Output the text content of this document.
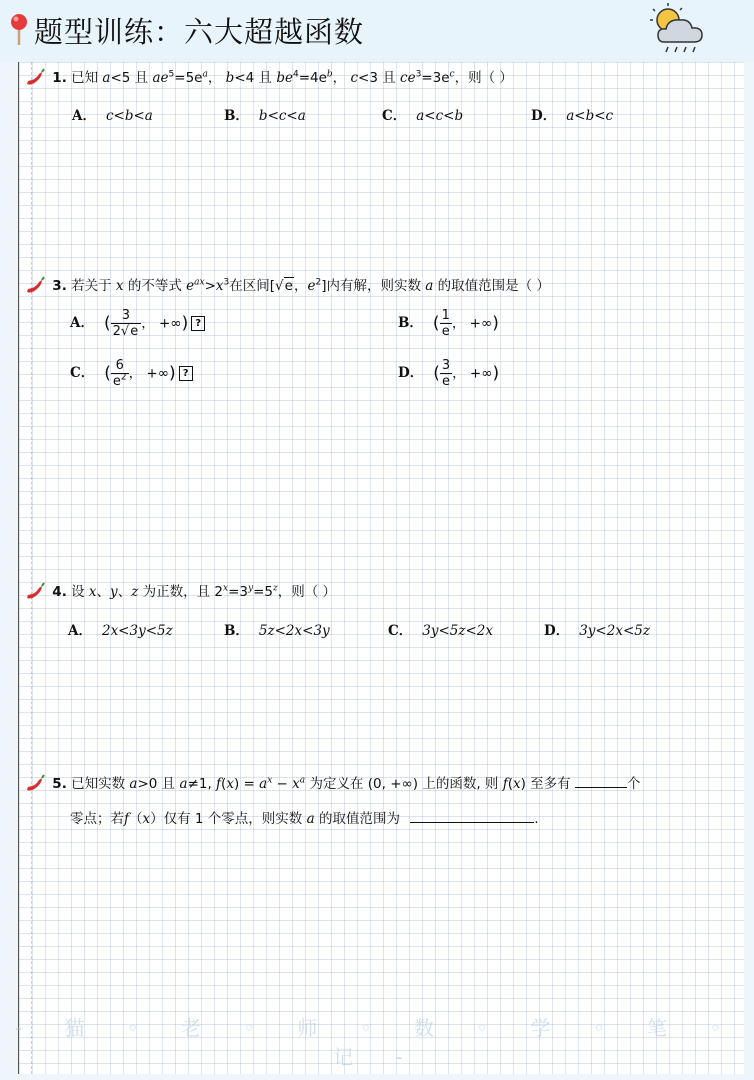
题型训练：六大超越函数
1. 已知 a<5 且 $ae^5=5e^a$， b<4 且 $be^4=4e^b$， c<3 且 $ce^3=3e^c$，则（ ）
A． c<b<a	B． b<c<a	C． a<c<b	D． a<b<c
3. 若关于 x 的不等式 $e^{ax}>x^3$在区间[√e，$e^2$]内有解，则实数 a 的取值范围是（ ）
A． ( $\frac{3}{2√e}$ ， +∞) ?	B． ( $\frac{1}{e}$ ， +∞)
C． ( $\frac{6}{e^2}$ ， +∞) ?	D． ( $\frac{3}{e}$ ， +∞)
4. 设 x、y、z 为正数，且 $2^x=3^y=5^z$，则（ ）
A． 2x<3y<5z	B． 5z<2x<3y	C． 3y<5z<2x	D． 3y<2x<5z
5. 已知实数 a>0 且 a≠1, $f(x) = a^x - x^a$ 为定义在 (0, +∞) 上的函数, 则 f(x) 至多有	个
零点；若f（x）仅有 1 个零点，则实数 a 的取值范围为	.
- 猫 ◦ 老 ◦ 师 ◦ 数 ◦ 学 ◦ 笔 ◦ 记 -
